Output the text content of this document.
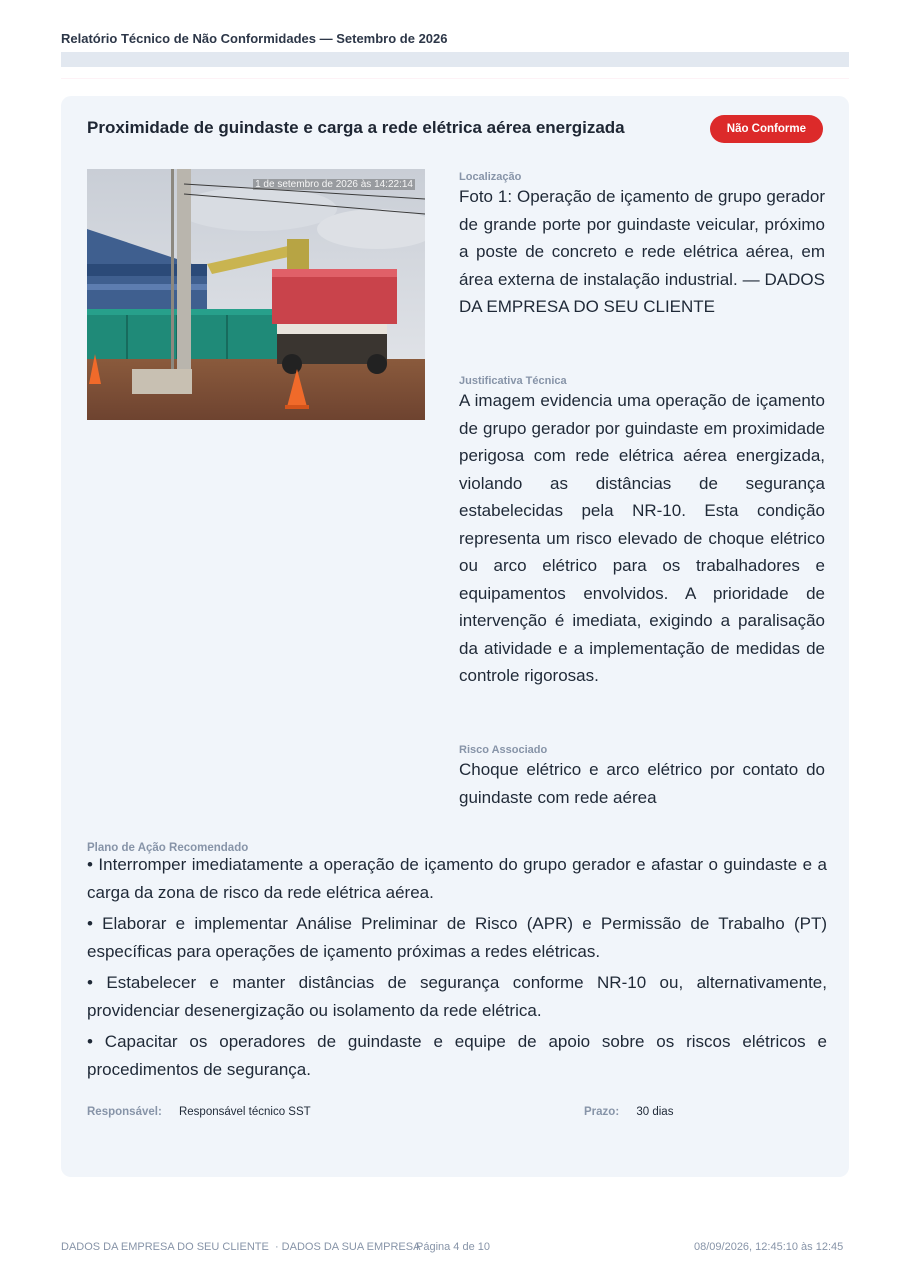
Relatório Técnico de Não Conformidades — Setembro de 2026
Proximidade de guindaste e carga a rede elétrica aérea energizada	Não Conforme
1 de setembro de 2026 às 14:22:14
Localização
Foto 1: Operação de içamento de grupo gerador de grande porte por guindaste veicular, próximo a poste de concreto e rede elétrica aérea, em área externa de instalação industrial. — DADOS DA EMPRESA DO SEU CLIENTE
Justificativa Técnica
A imagem evidencia uma operação de içamento de grupo gerador por guindaste em proximidade perigosa com rede elétrica aérea energizada, violando as distâncias de segurança estabelecidas pela NR-10. Esta condição representa um risco elevado de choque elétrico ou arco elétrico para os trabalhadores e equipamentos envolvidos. A prioridade de intervenção é imediata, exigindo a paralisação da atividade e a implementação de medidas de controle rigorosas.
Risco Associado
Choque elétrico e arco elétrico por contato do guindaste com rede aérea
Plano de Ação Recomendado
• Interromper imediatamente a operação de içamento do grupo gerador e afastar o guindaste e a carga da zona de risco da rede elétrica aérea.
• Elaborar e implementar Análise Preliminar de Risco (APR) e Permissão de Trabalho (PT) específicas para operações de içamento próximas a redes elétricas.
• Estabelecer e manter distâncias de segurança conforme NR-10 ou, alternativamente, providenciar desenergização ou isolamento da rede elétrica.
• Capacitar os operadores de guindaste e equipe de apoio sobre os riscos elétricos e procedimentos de segurança.
Responsável: Responsável técnico SST	Prazo: 30 dias
DADOS DA EMPRESA DO SEU CLIENTE  · DADOS DA SUA EMPRESA
Página 4 de 10	08/09/2026, 12:45:10 às 12:45
